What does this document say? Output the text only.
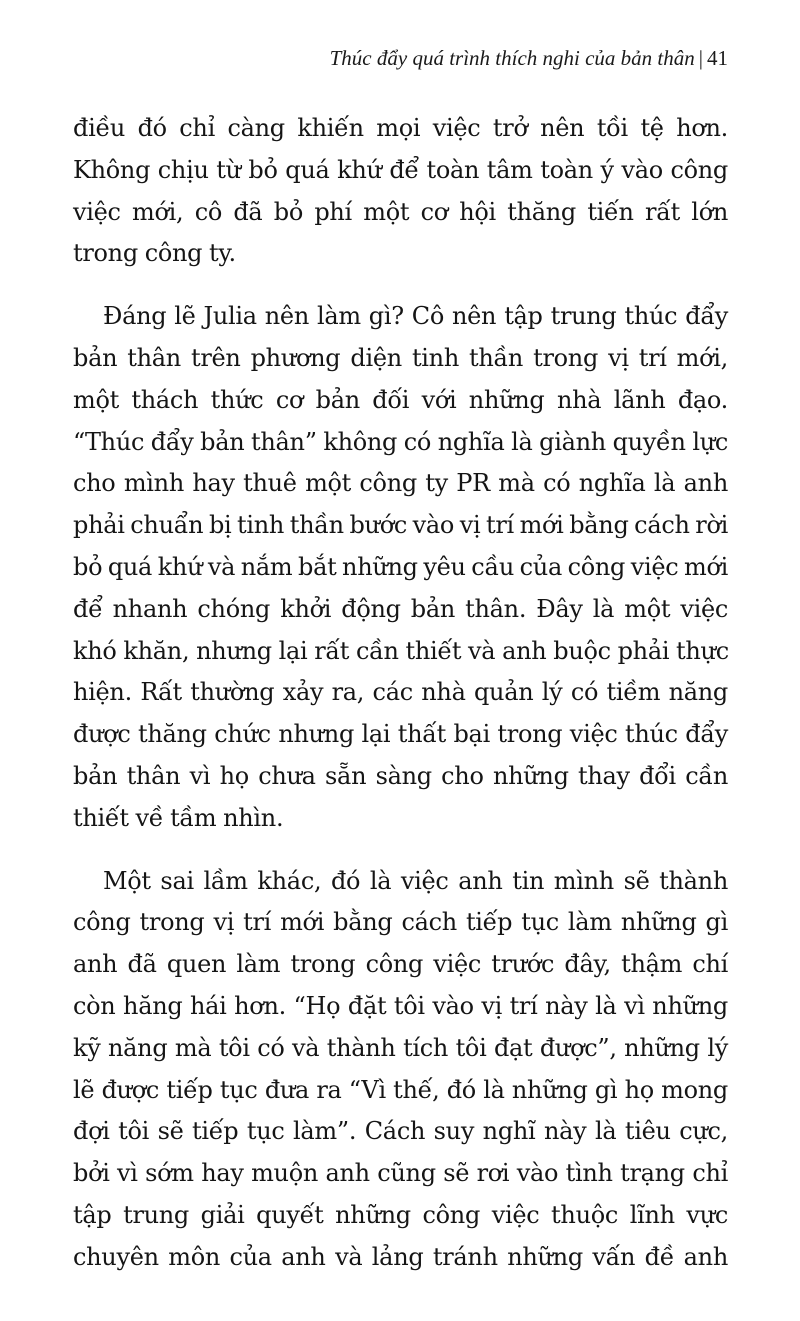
Thúc đẩy quá trình thích nghi của bản thân | 41
điều đó chỉ càng khiến mọi việc trở nên tồi tệ hơn.
Không chịu từ bỏ quá khứ để toàn tâm toàn ý vào công
việc mới, cô đã bỏ phí một cơ hội thăng tiến rất lớn
trong công ty.
Đáng lẽ Julia nên làm gì? Cô nên tập trung thúc đẩy
bản thân trên phương diện tinh thần trong vị trí mới,
một thách thức cơ bản đối với những nhà lãnh đạo.
“Thúc đẩy bản thân” không có nghĩa là giành quyền lực
cho mình hay thuê một công ty PR mà có nghĩa là anh
phải chuẩn bị tinh thần bước vào vị trí mới bằng cách rời
bỏ quá khứ và nắm bắt những yêu cầu của công việc mới
để nhanh chóng khởi động bản thân. Đây là một việc
khó khăn, nhưng lại rất cần thiết và anh buộc phải thực
hiện. Rất thường xảy ra, các nhà quản lý có tiềm năng
được thăng chức nhưng lại thất bại trong việc thúc đẩy
bản thân vì họ chưa sẵn sàng cho những thay đổi cần
thiết về tầm nhìn.
Một sai lầm khác, đó là việc anh tin mình sẽ thành
công trong vị trí mới bằng cách tiếp tục làm những gì
anh đã quen làm trong công việc trước đây, thậm chí
còn hăng hái hơn. “Họ đặt tôi vào vị trí này là vì những
kỹ năng mà tôi có và thành tích tôi đạt được”, những lý
lẽ được tiếp tục đưa ra “Vì thế, đó là những gì họ mong
đợi tôi sẽ tiếp tục làm”. Cách suy nghĩ này là tiêu cực,
bởi vì sớm hay muộn anh cũng sẽ rơi vào tình trạng chỉ
tập trung giải quyết những công việc thuộc lĩnh vực
chuyên môn của anh và lảng tránh những vấn đề anh
